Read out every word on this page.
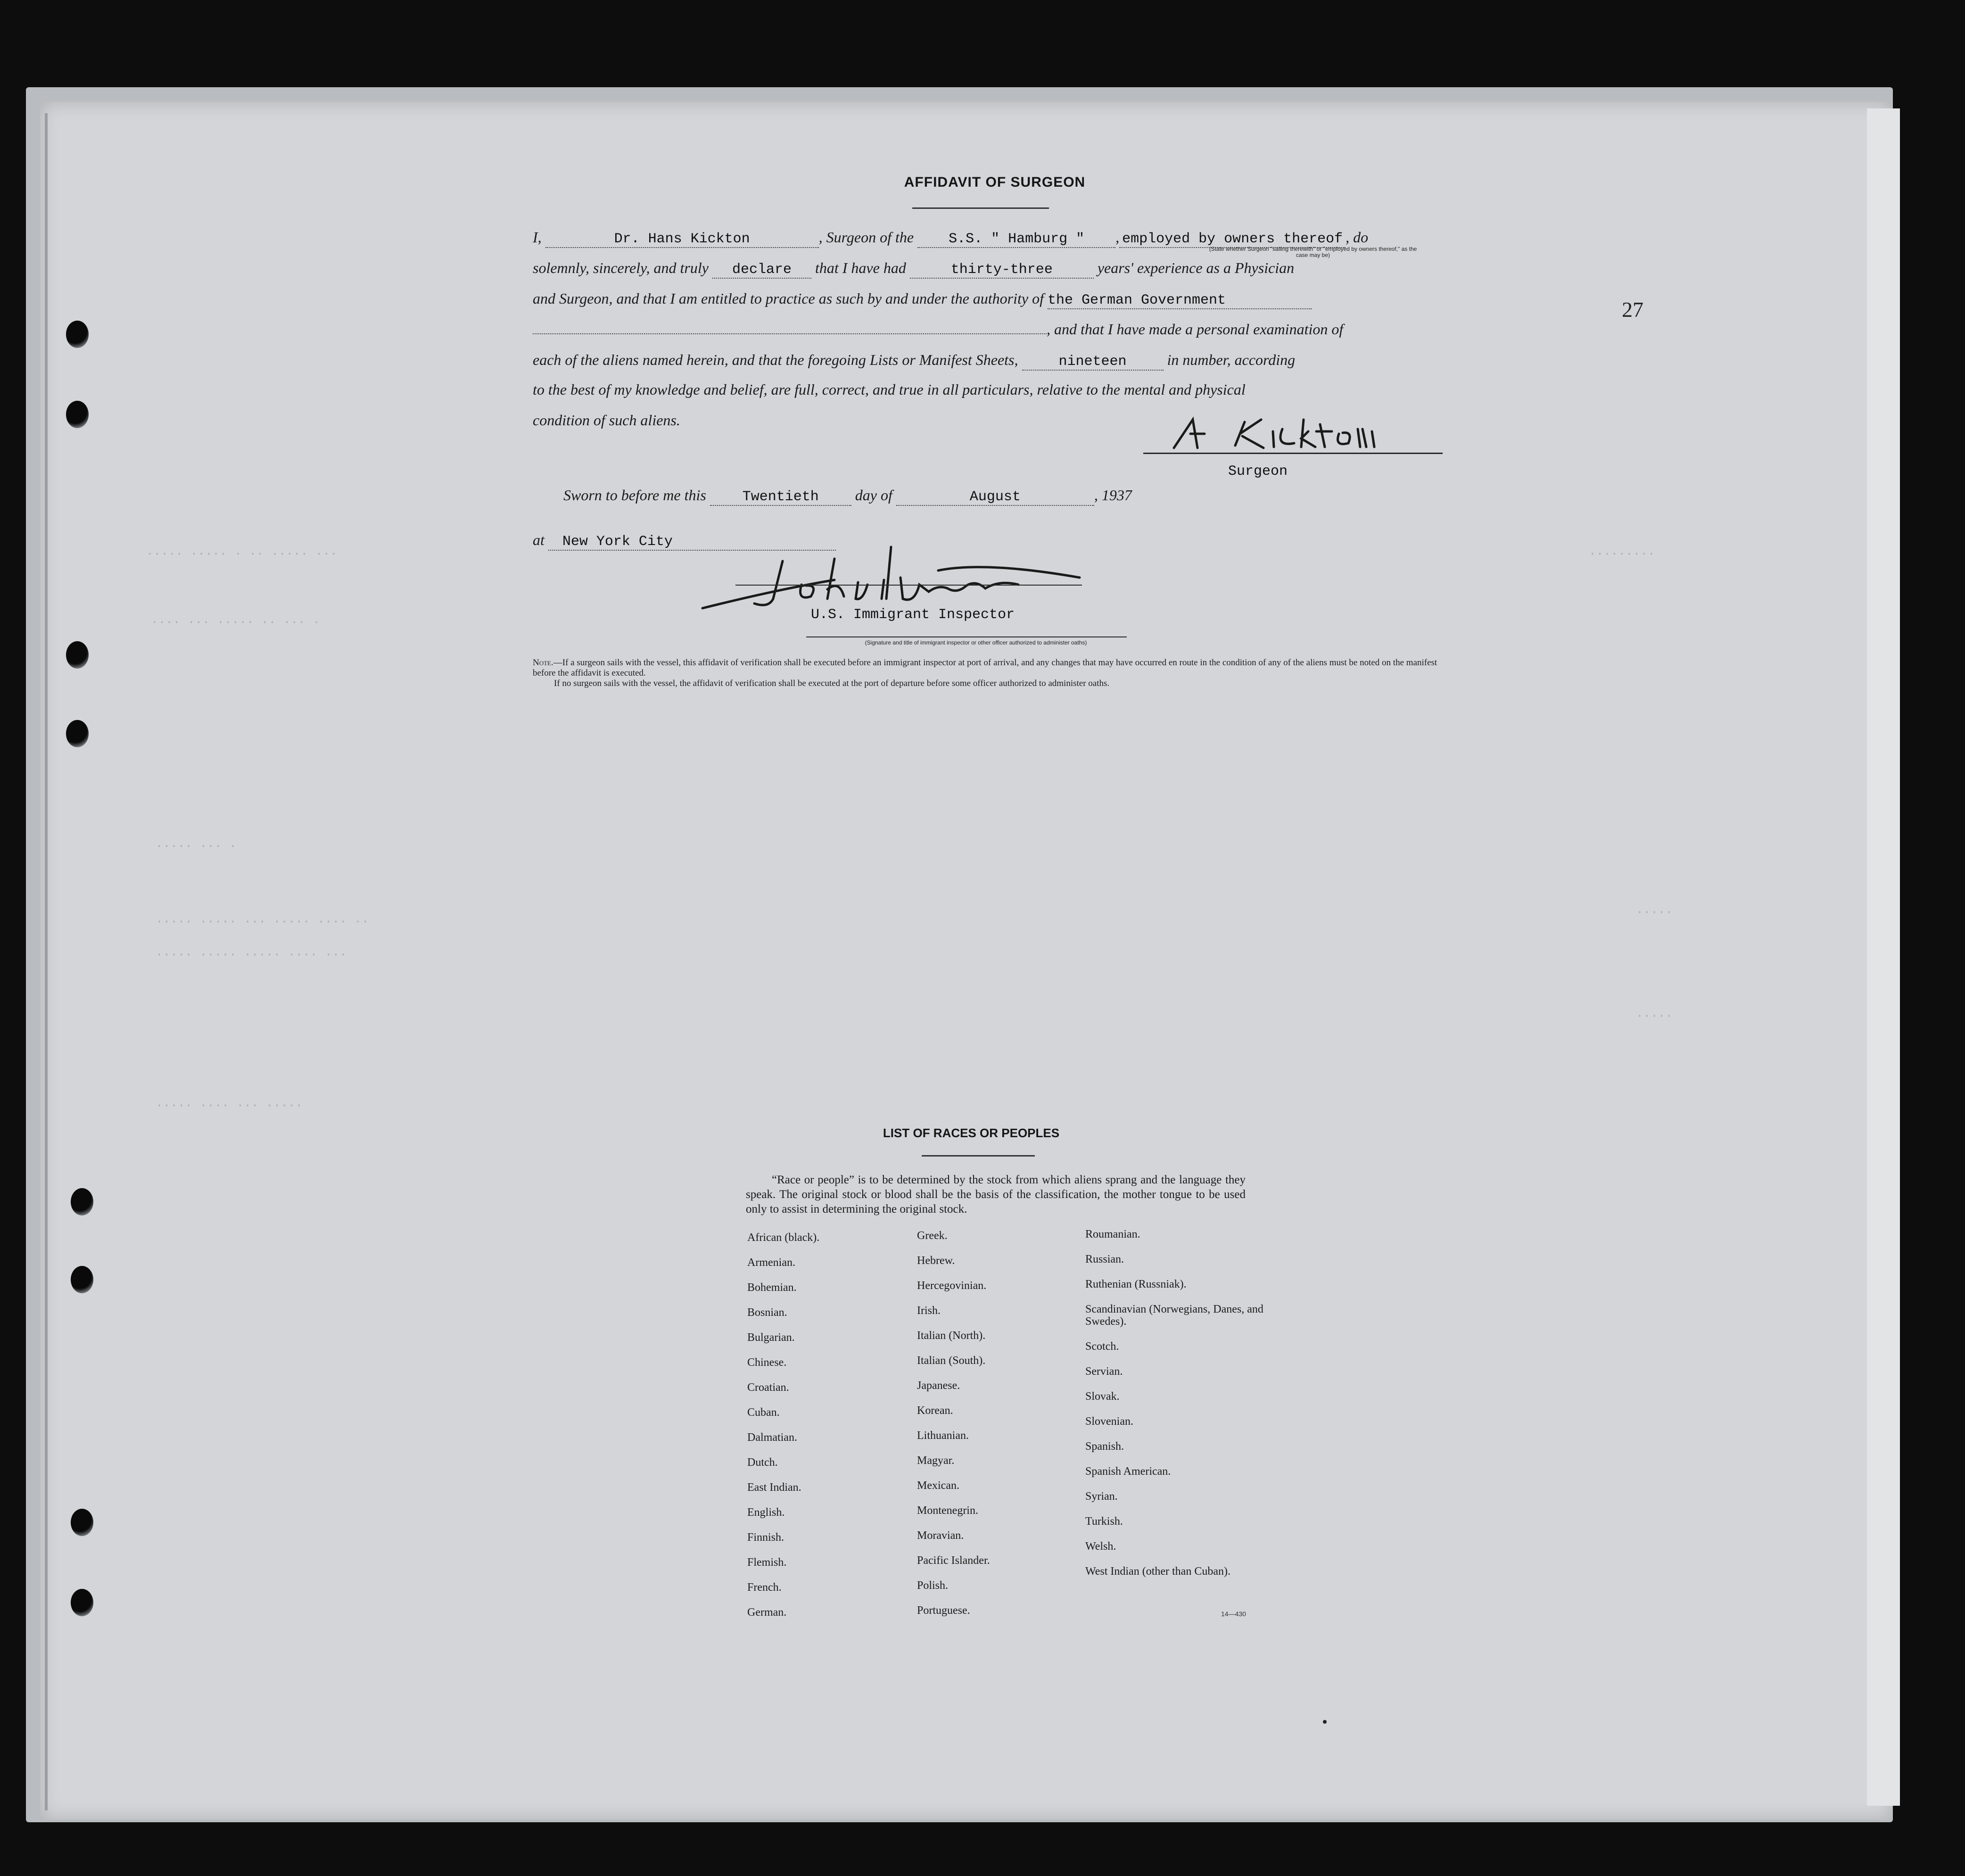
27
AFFIDAVIT OF SURGEON
I,	Dr. Hans Kickton	, Surgeon of the S.S. " Hamburg " , employed by owners thereof , do
(State whether Surgeon "sailing therewith" or "employed by owners thereof," as the case may be)
solemnly, sincerely, and truly declare that I have had	thirty-three	years' experience as a Physician
and Surgeon, and that I am entitled to practice as such by and under the authority of the German Government
, and that I have made a personal examination of
each of the aliens named herein, and that the foregoing Lists or Manifest Sheets,	nineteen	in number, according
to the best of my knowledge and belief, are full, correct, and true in all particulars, relative to the mental and physical
condition of such aliens.
Surgeon
Sworn to before me this	Twentieth day of	August	, 1937
at New York City
U.S. Immigrant Inspector
(Signature and title of immigrant inspector or other officer authorized to administer oaths)
Note.—If a surgeon sails with the vessel, this affidavit of verification shall be executed before an immigrant inspector at port of arrival, and any changes that may have occurred en route in the condition of any of the aliens must be noted on the manifest before the affidavit is executed.
If no surgeon sails with the vessel, the affidavit of verification shall be executed at the port of departure before some officer authorized to administer oaths.
····· ····· · ·· ····· ···
···· ··· ····· ·· ··· ·
····· ··· ·
····· ····· ··· ····· ···· ··
····· ····· ····· ···· ···
····· ···· ··· ·····
·········
·····
·····
LIST OF RACES OR PEOPLES
“Race or people” is to be determined by the stock from which aliens sprang and the language they speak. The original stock or blood shall be the basis of the classification, the mother tongue to be used only to assist in determining the original stock.
African (black).
Armenian.
Bohemian.
Bosnian.
Bulgarian.
Chinese.
Croatian.
Cuban.
Dalmatian.
Dutch.
East Indian.
English.
Finnish.
Flemish.
French.
German.
Greek.
Hebrew.
Hercegovinian.
Irish.
Italian (North).
Italian (South).
Japanese.
Korean.
Lithuanian.
Magyar.
Mexican.
Montenegrin.
Moravian.
Pacific Islander.
Polish.
Portuguese.
Roumanian.
Russian.
Ruthenian (Russniak).
Scandinavian (Norwegians, Danes, and Swedes).
Scotch.
Servian.
Slovak.
Slovenian.
Spanish.
Spanish American.
Syrian.
Turkish.
Welsh.
West Indian (other than Cuban).
14—430
